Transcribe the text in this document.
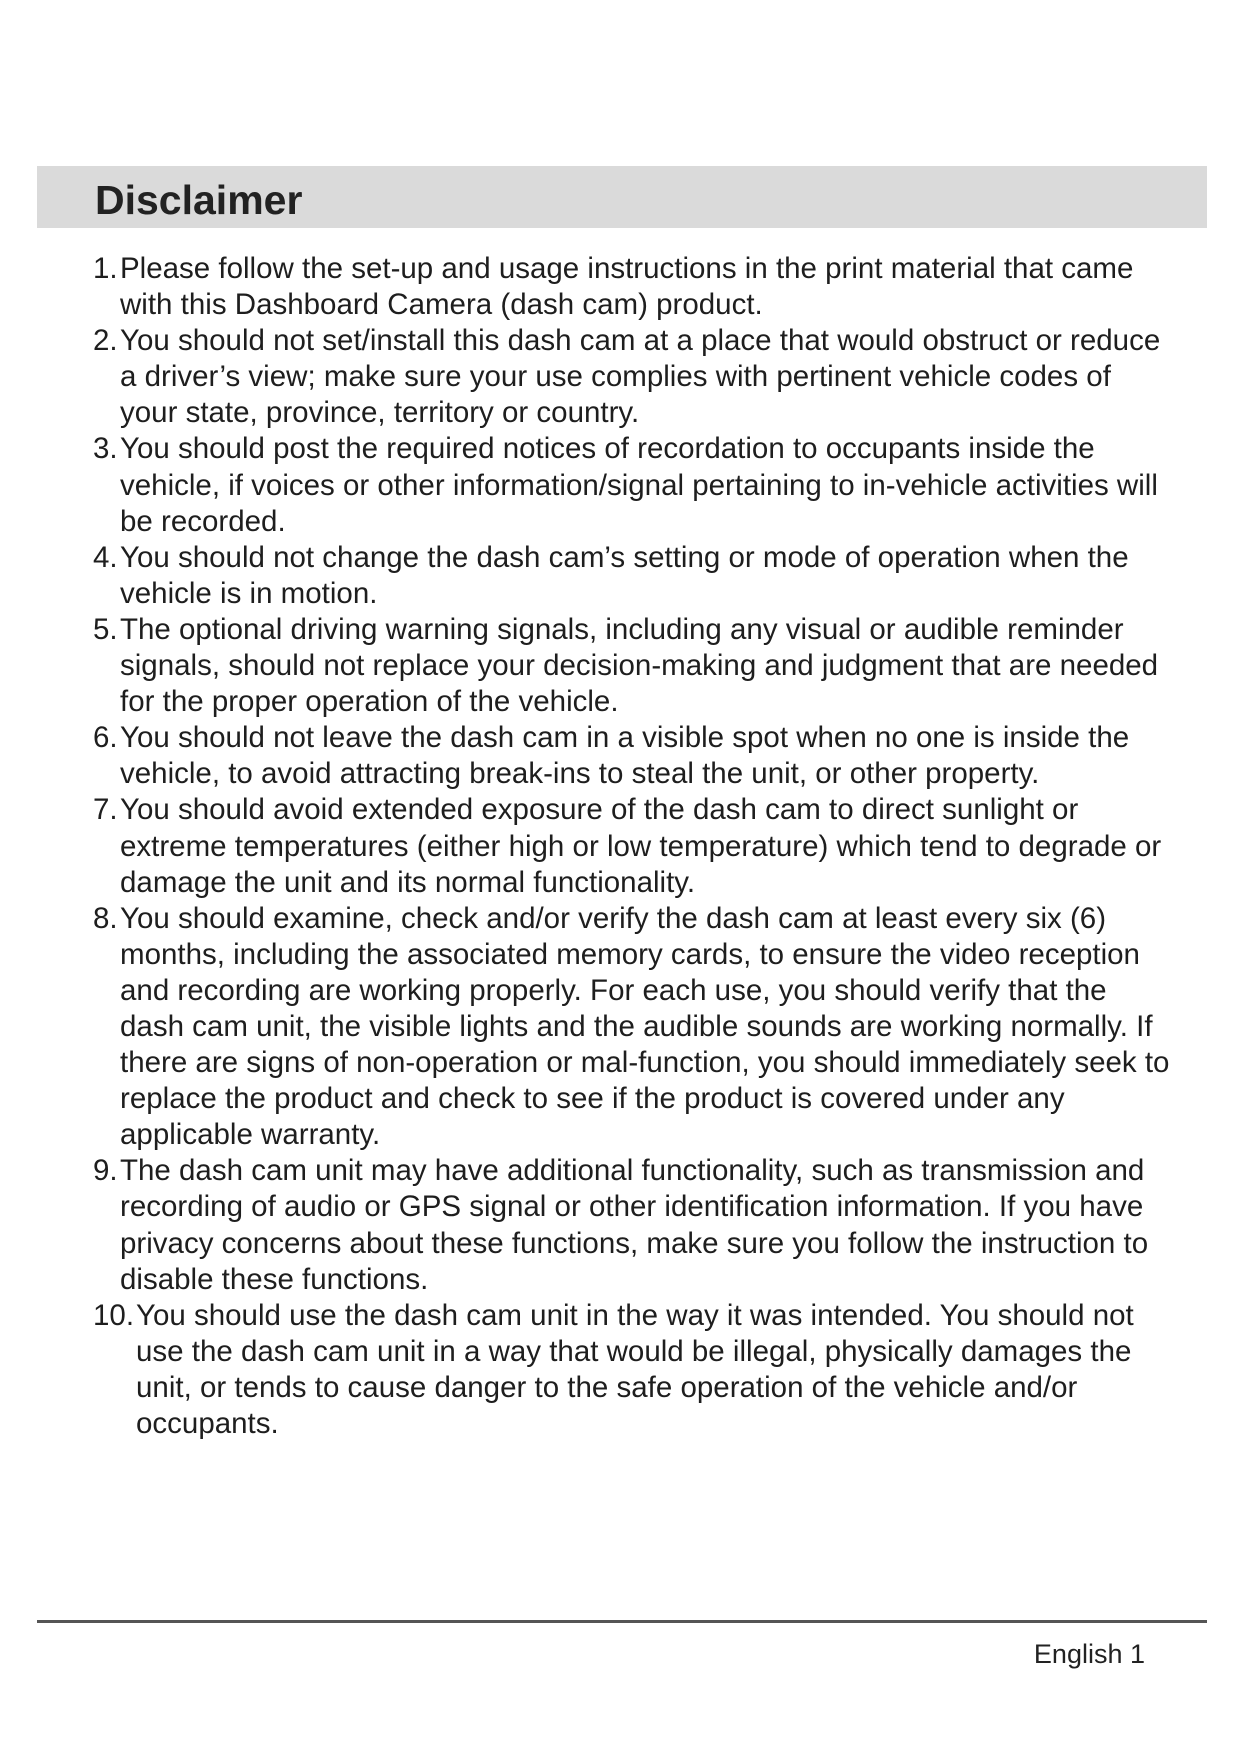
Disclaimer
1. Please follow the set-up and usage instructions in the print material that came with this Dashboard Camera (dash cam) product.
2. You should not set/install this dash cam at a place that would obstruct or reduce a driver’s view; make sure your use complies with pertinent vehicle codes of your state, province, territory or country.
3. You should post the required notices of recordation to occupants inside the vehicle, if voices or other information/signal pertaining to in-vehicle activities will be recorded.
4. You should not change the dash cam’s setting or mode of operation when the vehicle is in motion.
5. The optional driving warning signals, including any visual or audible reminder signals, should not replace your decision-making and judgment that are needed for the proper operation of the vehicle.
6. You should not leave the dash cam in a visible spot when no one is inside the vehicle, to avoid attracting break-ins to steal the unit, or other property.
7. You should avoid extended exposure of the dash cam to direct sunlight or extreme temperatures (either high or low temperature) which tend to degrade or damage the unit and its normal functionality.
8. You should examine, check and/or verify the dash cam at least every six (6) months, including the associated memory cards, to ensure the video reception and recording are working properly. For each use, you should verify that the dash cam unit, the visible lights and the audible sounds are working normally. If there are signs of non-operation or mal-function, you should immediately seek to replace the product and check to see if the product is covered under any applicable warranty.
9. The dash cam unit may have additional functionality, such as transmission and recording of audio or GPS signal or other identification information. If you have privacy concerns about these functions, make sure you follow the instruction to disable these functions.
10. You should use the dash cam unit in the way it was intended. You should not use the dash cam unit in a way that would be illegal, physically damages the unit, or tends to cause danger to the safe operation of the vehicle and/or occupants.
English 1
